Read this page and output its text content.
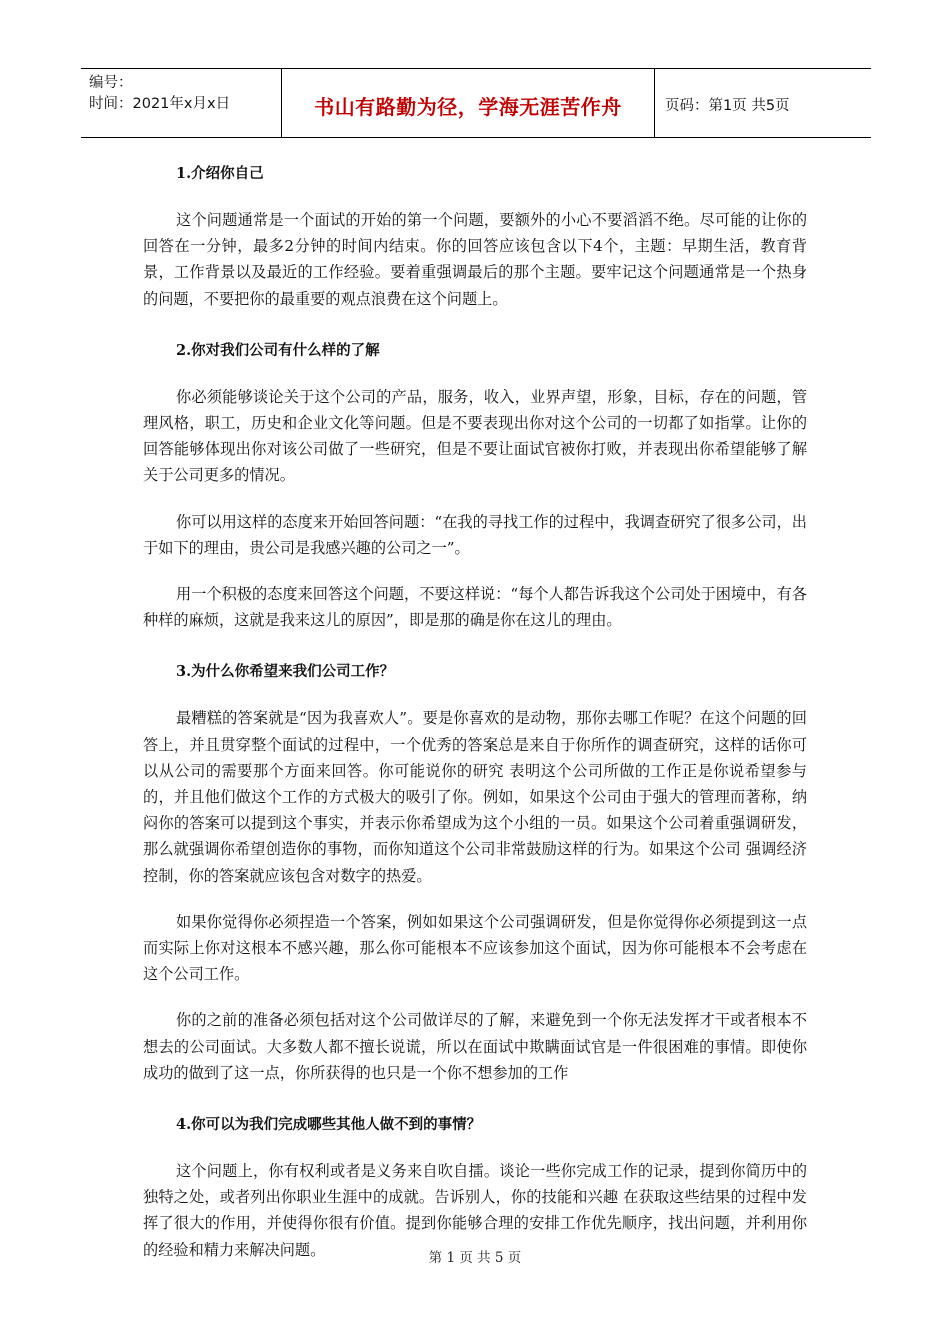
编号：
时间：2021年x月x日	书山有路勤为径，学海无涯苦作舟	页码：第1页 共5页
1.介绍你自己

这个问题通常是一个面试的开始的第一个问题，要额外的小心不要滔滔不绝。尽可能的让你的回答在一分钟，最多2分钟的时间内结束。你的回答应该包含以下4个，主题：早期生活，教育背景，工作背景以及最近的工作经验。要着重强调最后的那个主题。要牢记这个问题通常是一个热身的问题，不要把你的最重要的观点浪费在这个问题上。

2.你对我们公司有什么样的了解

你必须能够谈论关于这个公司的产品，服务，收入，业界声望，形象，目标，存在的问题，管理风格，职工，历史和企业文化等问题。但是不要表现出你对这个公司的一切都了如指掌。让你的回答能够体现出你对该公司做了一些研究，但是不要让面试官被你打败，并表现出你希望能够了解关于公司更多的情况。

你可以用这样的态度来开始回答问题：“在我的寻找工作的过程中，我调查研究了很多公司，出于如下的理由，贵公司是我感兴趣的公司之一”。

用一个积极的态度来回答这个问题，不要这样说：“每个人都告诉我这个公司处于困境中，有各种样的麻烦，这就是我来这儿的原因”，即是那的确是你在这儿的理由。

3.为什么你希望来我们公司工作？

最糟糕的答案就是“因为我喜欢人”。要是你喜欢的是动物，那你去哪工作呢？在这个问题的回答上，并且贯穿整个面试的过程中，一个优秀的答案总是来自于你所作的调查研究，这样的话你可以从公司的需要那个方面来回答。你可能说你的研究 表明这个公司所做的工作正是你说希望参与的，并且他们做这个工作的方式极大的吸引了你。例如，如果这个公司由于强大的管理而著称，纳闷你的答案可以提到这个事实，并表示你希望成为这个小组的一员。如果这个公司着重强调研发，那么就强调你希望创造你的事物，而你知道这个公司非常鼓励这样的行为。如果这个公司 强调经济控制，你的答案就应该包含对数字的热爱。

如果你觉得你必须捏造一个答案，例如如果这个公司强调研发，但是你觉得你必须提到这一点而实际上你对这根本不感兴趣，那么你可能根本不应该参加这个面试，因为你可能根本不会考虑在这个公司工作。

你的之前的准备必须包括对这个公司做详尽的了解，来避免到一个你无法发挥才干或者根本不想去的公司面试。大多数人都不擅长说谎，所以在面试中欺瞒面试官是一件很困难的事情。即使你成功的做到了这一点，你所获得的也只是一个你不想参加的工作

4.你可以为我们完成哪些其他人做不到的事情？

这个问题上，你有权利或者是义务来自吹自擂。谈论一些你完成工作的记录，提到你简历中的独特之处，或者列出你职业生涯中的成就。告诉别人，你的技能和兴趣 在获取这些结果的过程中发挥了很大的作用，并使得你很有价值。提到你能够合理的安排工作优先顺序，找出问题，并利用你的经验和精力来解决问题。	第 1 页 共 5 页
